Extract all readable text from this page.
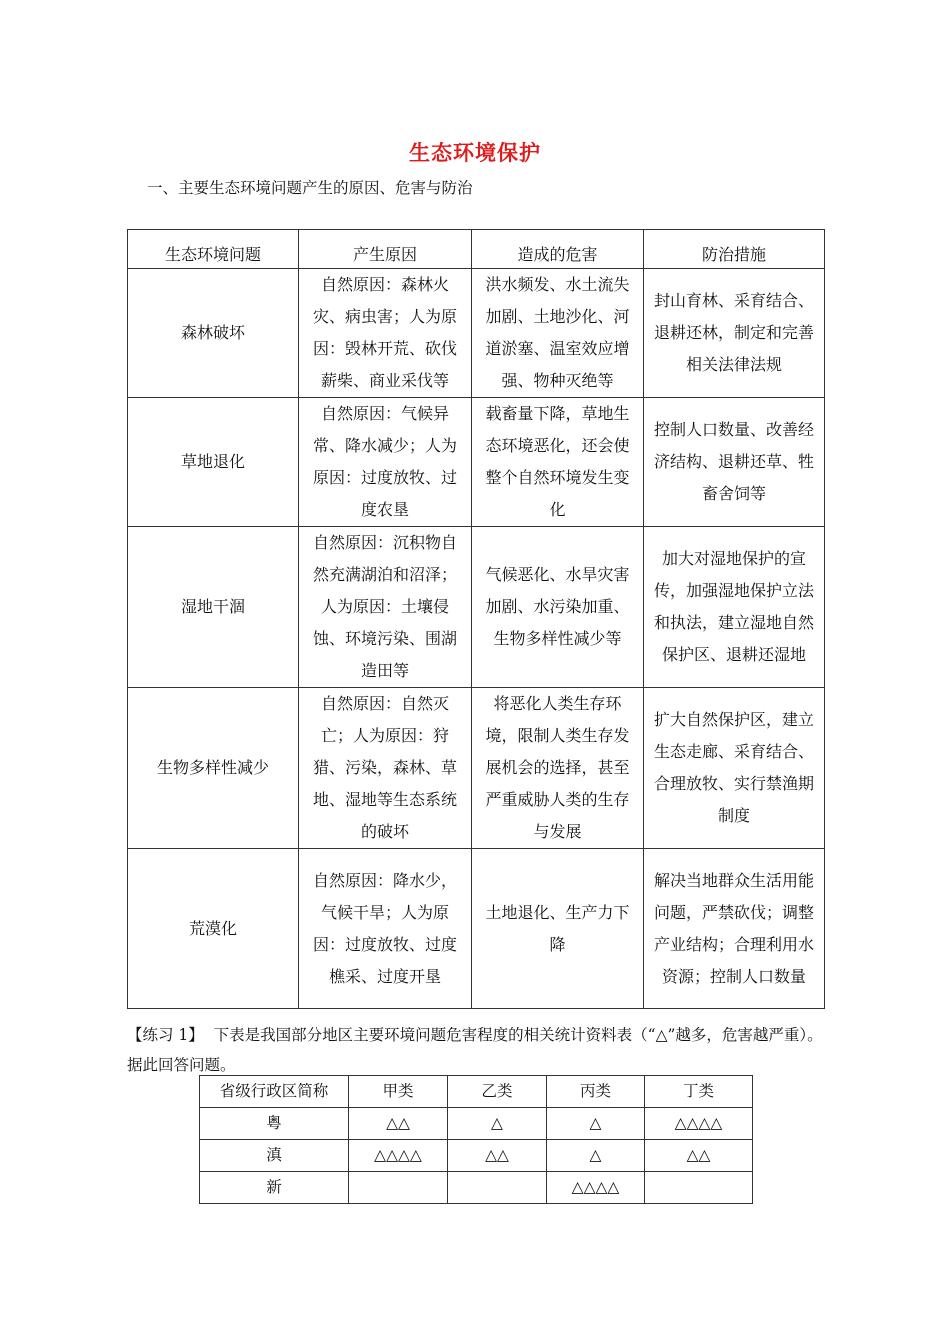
生态环境保护
一、主要生态环境问题产生的原因、危害与防治
生态环境问题	产生原因	造成的危害	防治措施
森林破坏	自然原因：森林火灾、病虫害；人为原因：毁林开荒、砍伐薪柴、商业采伐等	洪水频发、水土流失加剧、土地沙化、河道淤塞、温室效应增强、物种灭绝等	封山育林、采育结合、退耕还林，制定和完善相关法律法规
草地退化	自然原因：气候异常、降水减少；人为原因：过度放牧、过度农垦	载畜量下降，草地生态环境恶化，还会使整个自然环境发生变化	控制人口数量、改善经济结构、退耕还草、牲畜舍饲等
湿地干涸	自然原因：沉积物自然充满湖泊和沼泽；人为原因：土壤侵蚀、环境污染、围湖造田等	气候恶化、水旱灾害加剧、水污染加重、生物多样性减少等	加大对湿地保护的宣传，加强湿地保护立法和执法，建立湿地自然保护区、退耕还湿地
生物多样性减少	自然原因：自然灭亡；人为原因：狩猎、污染，森林、草地、湿地等生态系统的破坏	将恶化人类生存环境，限制人类生存发展机会的选择，甚至严重威胁人类的生存与发展	扩大自然保护区，建立生态走廊、采育结合、合理放牧、实行禁渔期制度
荒漠化	自然原因：降水少，气候干旱；人为原因：过度放牧、过度樵采、过度开垦	土地退化、生产力下降	解决当地群众生活用能问题，严禁砍伐；调整产业结构；合理利用水资源；控制人口数量
【练习 1】 下表是我国部分地区主要环境问题危害程度的相关统计资料表（“△”越多，危害越严重）。据此回答问题。
省级行政区简称	甲类	乙类	丙类	丁类
粤	△△	△	△	△△△△
滇	△△△△	△△	△	△△
新			△△△△	
